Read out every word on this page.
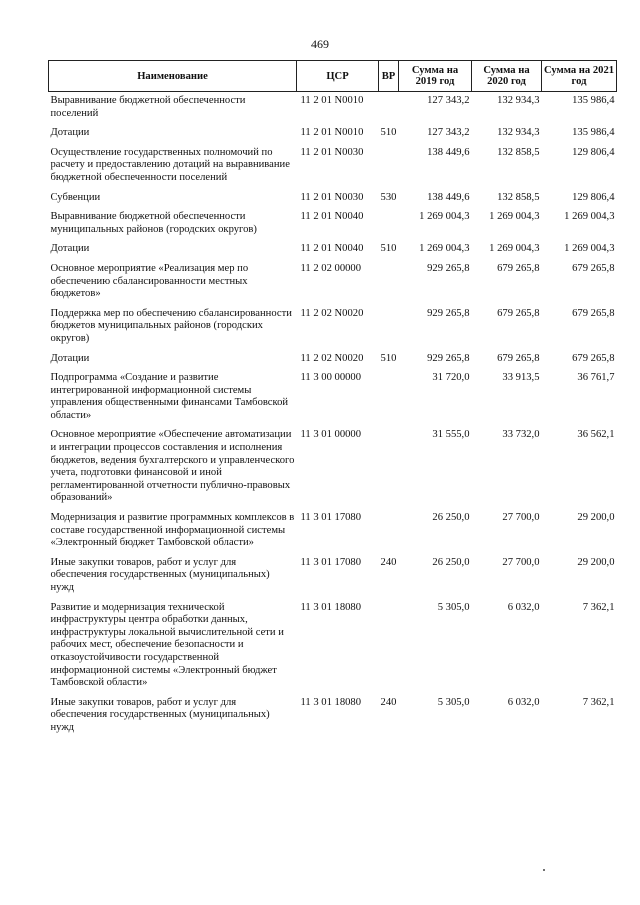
469
Наименование	ЦСР	ВР	Сумма на 2019 год	Сумма на 2020 год	Сумма на 2021 год
Выравнивание бюджетной обеспеченности поселений	11 2 01 N0010		127 343,2	132 934,3	135 986,4
Дотации	11 2 01 N0010	510	127 343,2	132 934,3	135 986,4
Осуществление государственных полномочий по расчету и предоставлению дотаций на выравнивание бюджетной обеспеченности поселений	11 2 01 N0030		138 449,6	132 858,5	129 806,4
Субвенции	11 2 01 N0030	530	138 449,6	132 858,5	129 806,4
Выравнивание бюджетной обеспеченности муниципальных районов (городских округов)	11 2 01 N0040		1 269 004,3	1 269 004,3	1 269 004,3
Дотации	11 2 01 N0040	510	1 269 004,3	1 269 004,3	1 269 004,3
Основное мероприятие «Реализация мер по обеспечению сбалансированности местных бюджетов»	11 2 02 00000		929 265,8	679 265,8	679 265,8
Поддержка мер по обеспечению сбалансированности бюджетов муниципальных районов (городских округов)	11 2 02 N0020		929 265,8	679 265,8	679 265,8
Дотации	11 2 02 N0020	510	929 265,8	679 265,8	679 265,8
Подпрограмма «Создание и развитие интегрированной информационной системы управления общественными финансами Тамбовской области»	11 3 00 00000		31 720,0	33 913,5	36 761,7
Основное мероприятие «Обеспечение автоматизации и интеграции процессов составления и исполнения бюджетов, ведения бухгалтерского и управленческого учета, подготовки финансовой и иной регламентированной отчетности публично-правовых образований»	11 3 01 00000		31 555,0	33 732,0	36 562,1
Модернизация и развитие программных комплексов в составе государственной информационной системы «Электронный бюджет Тамбовской области»	11 3 01 17080		26 250,0	27 700,0	29 200,0
Иные закупки товаров, работ и услуг для обеспечения государственных (муниципальных) нужд	11 3 01 17080	240	26 250,0	27 700,0	29 200,0
Развитие и модернизация технической инфраструктуры центра обработки данных, инфраструктуры локальной вычислительной сети и рабочих мест, обеспечение безопасности и отказоустойчивости государственной информационной системы «Электронный бюджет Тамбовской области»	11 3 01 18080		5 305,0	6 032,0	7 362,1
Иные закупки товаров, работ и услуг для обеспечения государственных (муниципальных) нужд	11 3 01 18080	240	5 305,0	6 032,0	7 362,1
